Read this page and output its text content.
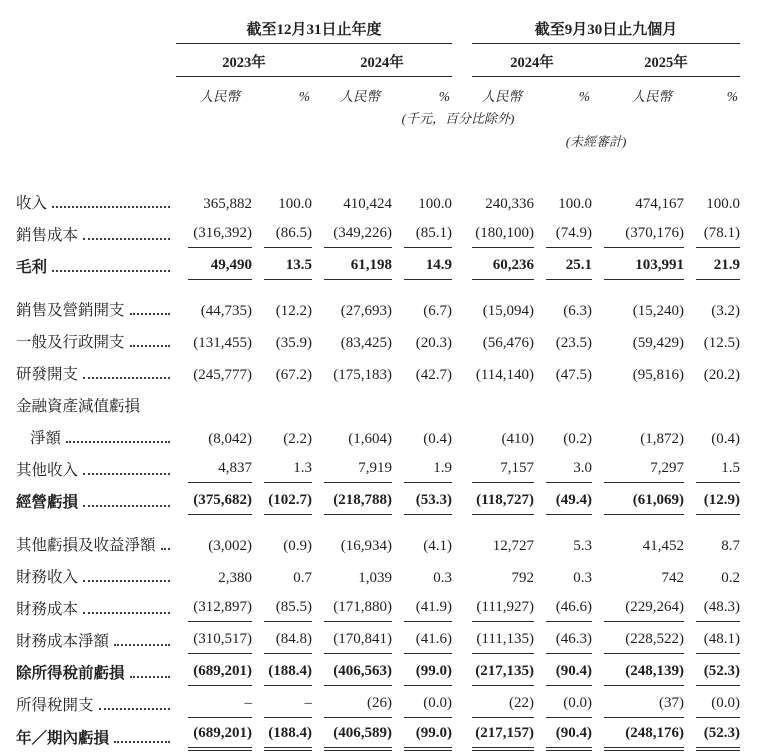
	截至12月31日止年度				截至9月30日止九個月			

	2023年		2024年		2024年		2025年	

	人民幣	%	人民幣	%	人民幣	%	人民幣	%
	(千元，百分比除外)							
					(未經審計)			

收入	365,882	100.0	410,424	100.0	240,336	100.0	474,167	100.0

銷售成本	(316,392)	(86.5)	(349,226)	(85.1)	(180,100)	(74.9)	(370,176)	(78.1)

毛利	49,490	13.5	61,198	14.9	60,236	25.1	103,991	21.9

銷售及營銷開支	(44,735)	(12.2)	(27,693)	(6.7)	(15,094)	(6.3)	(15,240)	(3.2)

一般及行政開支	(131,455)	(35.9)	(83,425)	(20.3)	(56,476)	(23.5)	(59,429)	(12.5)

研發開支	(245,777)	(67.2)	(175,183)	(42.7)	(114,140)	(47.5)	(95,816)	(20.2)

金融資產減值虧損								

淨額	(8,042)	(2.2)	(1,604)	(0.4)	(410)	(0.2)	(1,872)	(0.4)

其他收入	4,837	1.3	7,919	1.9	7,157	3.0	7,297	1.5

經營虧損	(375,682)	(102.7)	(218,788)	(53.3)	(118,727)	(49.4)	(61,069)	(12.9)

其他虧損及收益淨額	(3,002)	(0.9)	(16,934)	(4.1)	12,727	5.3	41,452	8.7

財務收入	2,380	0.7	1,039	0.3	792	0.3	742	0.2

財務成本	(312,897)	(85.5)	(171,880)	(41.9)	(111,927)	(46.6)	(229,264)	(48.3)

財務成本淨額	(310,517)	(84.8)	(170,841)	(41.6)	(111,135)	(46.3)	(228,522)	(48.1)

除所得稅前虧損	(689,201)	(188.4)	(406,563)	(99.0)	(217,135)	(90.4)	(248,139)	(52.3)

所得稅開支	–	–	(26)	(0.0)	(22)	(0.0)	(37)	(0.0)

年／期內虧損	(689,201)	(188.4)	(406,589)	(99.0)	(217,157)	(90.4)	(248,176)	(52.3)
